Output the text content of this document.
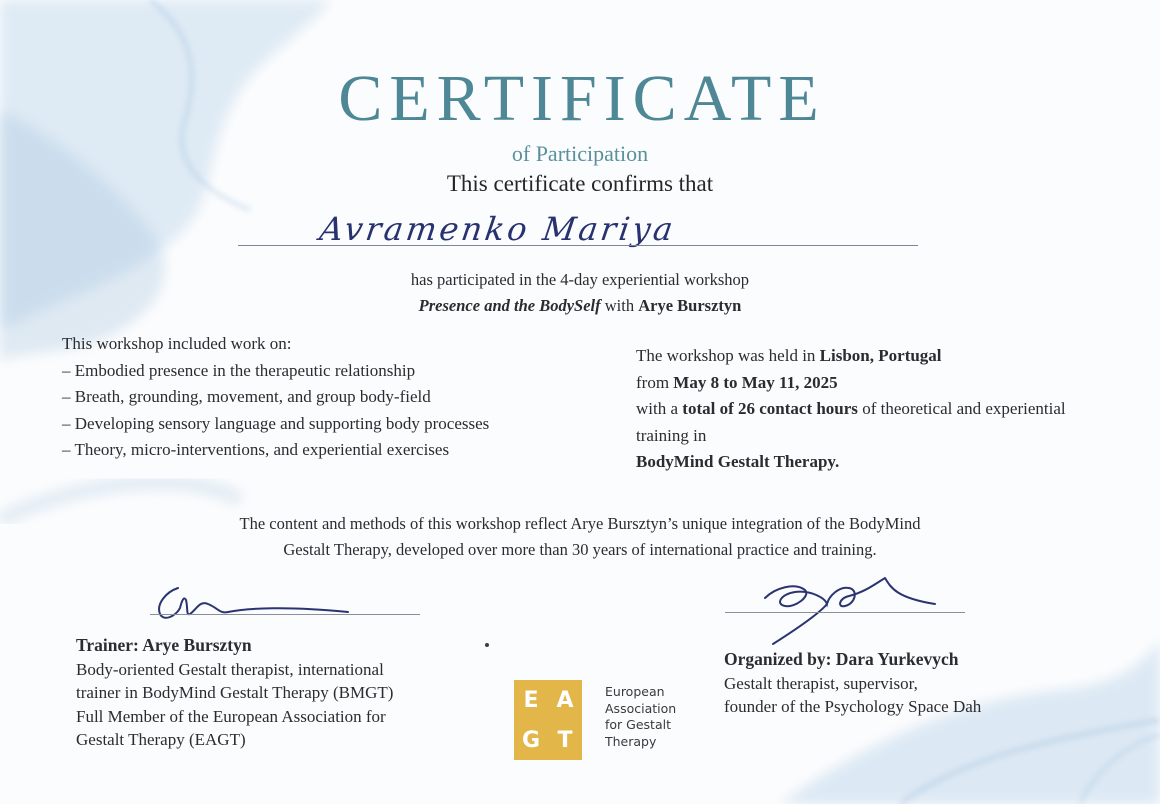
CERTIFICATE
of Participation
This certificate confirms that
Avramenko Mariya
has participated in the 4-day experiential workshop
Presence and the BodySelf with Arye Bursztyn
This workshop included work on:
– Embodied presence in the therapeutic relationship
– Breath, grounding, movement, and group body-field
– Developing sensory language and supporting body processes
– Theory, micro-interventions, and experiential exercises
The workshop was held in Lisbon, Portugal
from May 8 to May 11, 2025
with a total of 26 contact hours of theoretical and experiential training in
BodyMind Gestalt Therapy.
The content and methods of this workshop reflect Arye Bursztyn’s unique integration of the BodyMind
Gestalt Therapy, developed over more than 30 years of international practice and training.
Trainer: Arye Bursztyn
Body-oriented Gestalt therapist, international
trainer in BodyMind Gestalt Therapy (BMGT)
Full Member of the European Association for
Gestalt Therapy (EAGT)
E A
G T
European
Association
for Gestalt
Therapy
Organized by: Dara Yurkevych
Gestalt therapist, supervisor,
founder of the Psychology Space Dah
